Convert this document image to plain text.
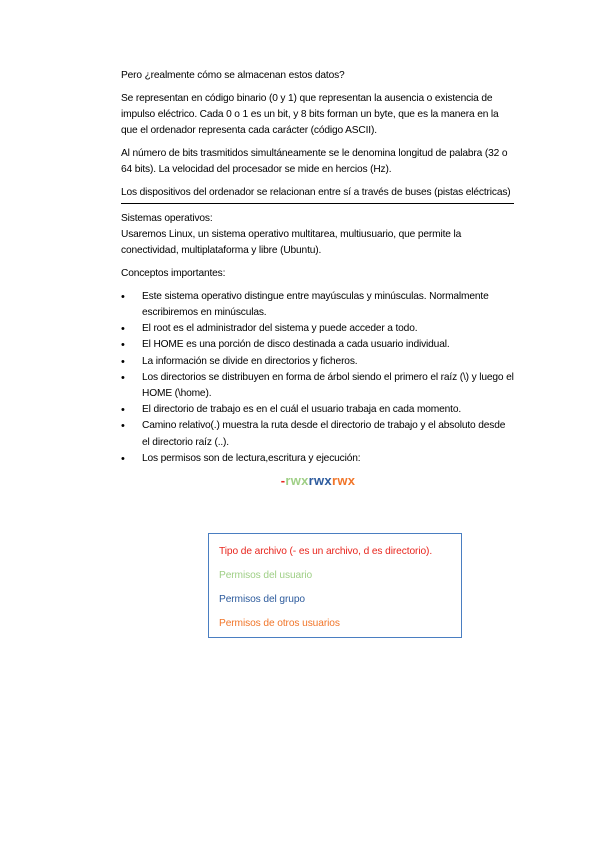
Pero ¿realmente cómo se almacenan estos datos?

Se representan en código binario (0 y 1) que representan la ausencia o existencia de impulso eléctrico. Cada 0 o 1 es un bit, y 8 bits forman un byte, que es la manera en la que el ordenador representa cada carácter (código ASCII).

Al número de bits trasmitidos simultáneamente se le denomina longitud de palabra (32 o 64 bits). La velocidad del procesador se mide en hercios (Hz).

Los dispositivos del ordenador se relacionan entre sí a través de buses (pistas eléctricas)

Sistemas operativos:
Usaremos Linux, un sistema operativo multitarea, multiusuario, que permite la conectividad, multiplataforma y libre (Ubuntu).

Conceptos importantes:

•	Este sistema operativo distingue entre mayúsculas y minúsculas. Normalmente escribiremos en minúsculas.
•	El root es el administrador del sistema y puede acceder a todo.
•	El HOME es una porción de disco destinada a cada usuario individual.
•	La información se divide en directorios y ficheros.
•	Los directorios se distribuyen en forma de árbol siendo el primero el raíz (\) y luego el HOME (\home).
•	El directorio de trabajo es en el cuál el usuario trabaja en cada momento.
•	Camino relativo(.) muestra la ruta desde el directorio de trabajo y el absoluto desde el directorio raíz (..).
•	Los permisos son de lectura,escritura y ejecución:
-rwxrwxrwx
Tipo de archivo (- es un archivo, d es directorio).
Permisos del usuario
Permisos del grupo
Permisos de otros usuarios
